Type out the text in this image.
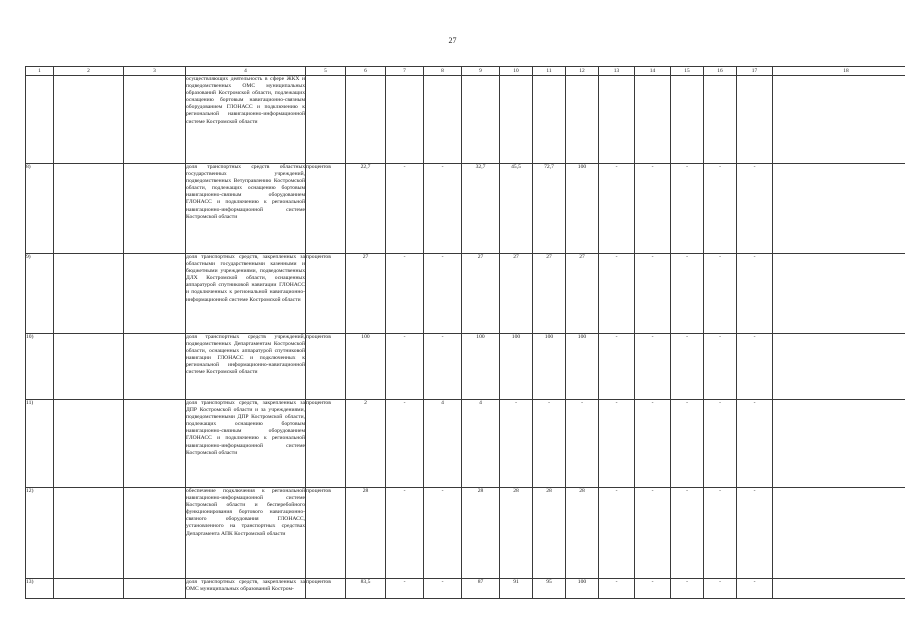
27
1	2	3	4	5	6	7	8	9	10	11	12	13	14	15	16	17	18
			осуществляющих деятельность в сфере ЖКХ и подведомственных ОМС муниципальных образований Костромской области, подлежащих оснащению бортовым навигационно-связным оборудованием ГЛОНАСС и подключению к региональной навигационно-информационной системе Костромской области														
8)			доля транспортных средств областных государственных учреждений, подведомственных Ветуправлению Костромской области, подлежащих оснащению бортовым навигационно-связным оборудованием ГЛОНАСС и подключению к региональной навигационно-информационной системе Костромской области	процентов	22,7	-	-	32,7	45,5	72,7	100	-	-	-	-	-	
9)			доля транспортных средств, закрепленных за областными государственными казенными и бюджетными учреждениями, подведомственных ДЛХ Костромской области, оснащенных аппаратурой спутниковой навигации ГЛОНАСС и подключенных к региональной навигационно-информационной системе Костромской области	процентов	27	-	-	27	27	27	27	-	-	-	-	-	
10)			доля транспортных средств учреждений, подведомственных Департаментам Костромской области, оснащенных аппаратурой спутниковой навигации ГЛОНАСС и подключенных к региональной информационно-навигационной системе Костромской области	процентов	100	-	-	100	100	100	100	-	-	-	-	-	
11)			доля транспортных средств, закрепленных за ДПР Костромской области и за учреждениями, подведомственными ДПР Костромской области, подлежащих оснащению бортовым навигационно-связным оборудованием ГЛОНАСС и подключению к региональной навигационно-информационной системе Костромской области	процентов	2	-	4	4	-	-	-	-	-	-	-	-	
12)			обеспечение подключения к региональной навигационно-информационной системе Костромской области и бесперебойного функционирования бортового навигационно-связного оборудования ГЛОНАСС, установленного на транспортных средствах Департамента АПК Костромской области	процентов	28	-	-	28	28	28	28	-	-	-	-	-	
13)			доля транспортных средств, закрепленных за ОМС муниципальных образований Костром-	процентов	83,5	-	-	87	91	95	100	-	-	-	-	-	
